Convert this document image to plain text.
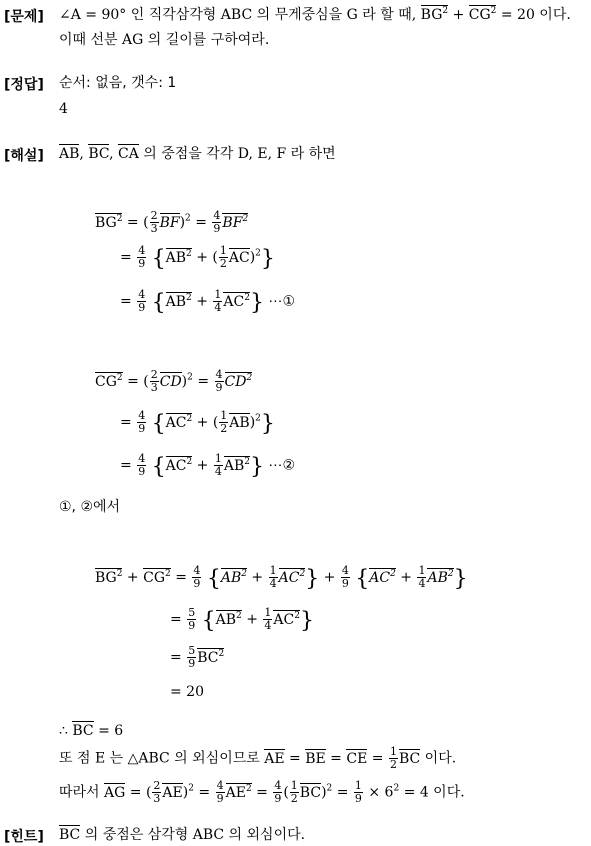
[문제] ∠A = 90° 인 직각삼각형 ABC 의 무게중심을 G 라 할 때, $BG^2 + CG^2 = 20$ 이다.
이때 선분 AG 의 길이를 구하여라.
[정답] 순서: 없음, 갯수: 1
4
[해설] AB, BC, CA 의 중점을 각각 D, E, F 라 하면
$BG^2$ = ( $\frac{2}{3} BF)^2 = \frac{4}{9} BF^2$
= $\frac{4}{9} \{AB^2$ + ( $\frac{1}{2} AC)^2$}
= $\frac{4}{9} \{AB^2 + \frac{1}{4} AC^2\}$ ⋯①
$CG^2$ = ( $\frac{2}{3} CD)^2 = \frac{4}{9} CD^2$
= $\frac{4}{9} \{AC^2$ + ( $\frac{1}{2} AB)^2$}
= $\frac{4}{9} \{AC^2 + \frac{1}{4} AB^2\}$ ⋯②
①, ②에서
$BG^2 + CG^2 = \frac{4}{9} \{AB^2 + \frac{1}{4} AC^2\} + \frac{4}{9} \{AC^2 + \frac{1}{4} AB^2\}$
= $\frac{5}{9} \{AB^2 + \frac{1}{4} AC^2\}$
= $\frac{5}{9} BC^2$
= 20
∴ BC = 6
또 점 E 는 △ABC 의 외심이므로 AE = BE = CE = $\frac{1}{2}$ BC 이다.
따라서 AG = ( $\frac{2}{3} AE)^2 = \frac{4}{9} AE^2 = \frac{4}{9}$ ( $\frac{1}{2} BC)^2 = \frac{1}{9} \times 6^2 = 4$ 이다.
[힌트] BC 의 중점은 삼각형 ABC 의 외심이다.
